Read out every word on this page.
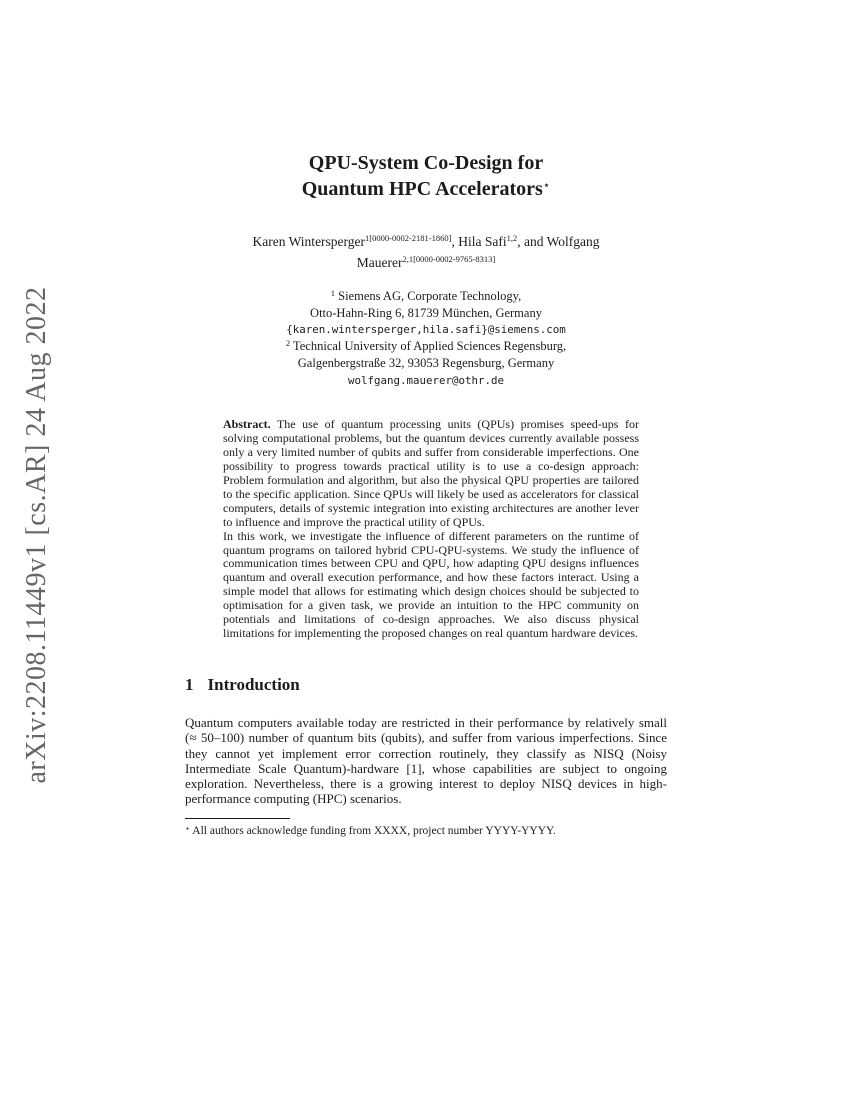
arXiv:2208.11449v1 [cs.AR] 24 Aug 2022
QPU-System Co-Design for
Quantum HPC Accelerators⋆
Karen Wintersperger$^{1[0000-0002-2181-1860]}$, Hila Safi$^{1,2}$, and Wolfgang
Mauerer$^{2,1[0000-0002-9765-8313]}$
$^1$ Siemens AG, Corporate Technology,
Otto-Hahn-Ring 6, 81739 München, Germany
{karen.wintersperger,hila.safi}@siemens.com
$^2$ Technical University of Applied Sciences Regensburg,
Galgenbergstraße 32, 93053 Regensburg, Germany
wolfgang.mauerer@othr.de

Abstract. The use of quantum processing units (QPUs) promises speed-ups for solving computational problems, but the quantum devices currently available possess only a very limited number of qubits and suffer from considerable imperfections. One possibility to progress towards practical utility is to use a co-design approach: Problem formulation and algorithm, but also the physical QPU properties are tailored to the specific application. Since QPUs will likely be used as accelerators for classical computers, details of systemic integration into existing architectures are another lever to influence and improve the practical utility of QPUs.

In this work, we investigate the influence of different parameters on the runtime of quantum programs on tailored hybrid CPU-QPU-systems. We study the influence of communication times between CPU and QPU, how adapting QPU designs influences quantum and overall execution performance, and how these factors interact. Using a simple model that allows for estimating which design choices should be subjected to optimisation for a given task, we provide an intuition to the HPC community on potentials and limitations of co-design approaches. We also discuss physical limitations for implementing the proposed changes on real quantum hardware devices.

1 Introduction

Quantum computers available today are restricted in their performance by relatively small (≈ 50–100) number of quantum bits (qubits), and suffer from various imperfections. Since they cannot yet implement error correction routinely, they classify as NISQ (Noisy Intermediate Scale Quantum)-hardware [1], whose capabilities are subject to ongoing exploration. Nevertheless, there is a growing interest to deploy NISQ devices in high-performance computing (HPC) scenarios.

⋆ All authors acknowledge funding from XXXX, project number YYYY-YYYY.
